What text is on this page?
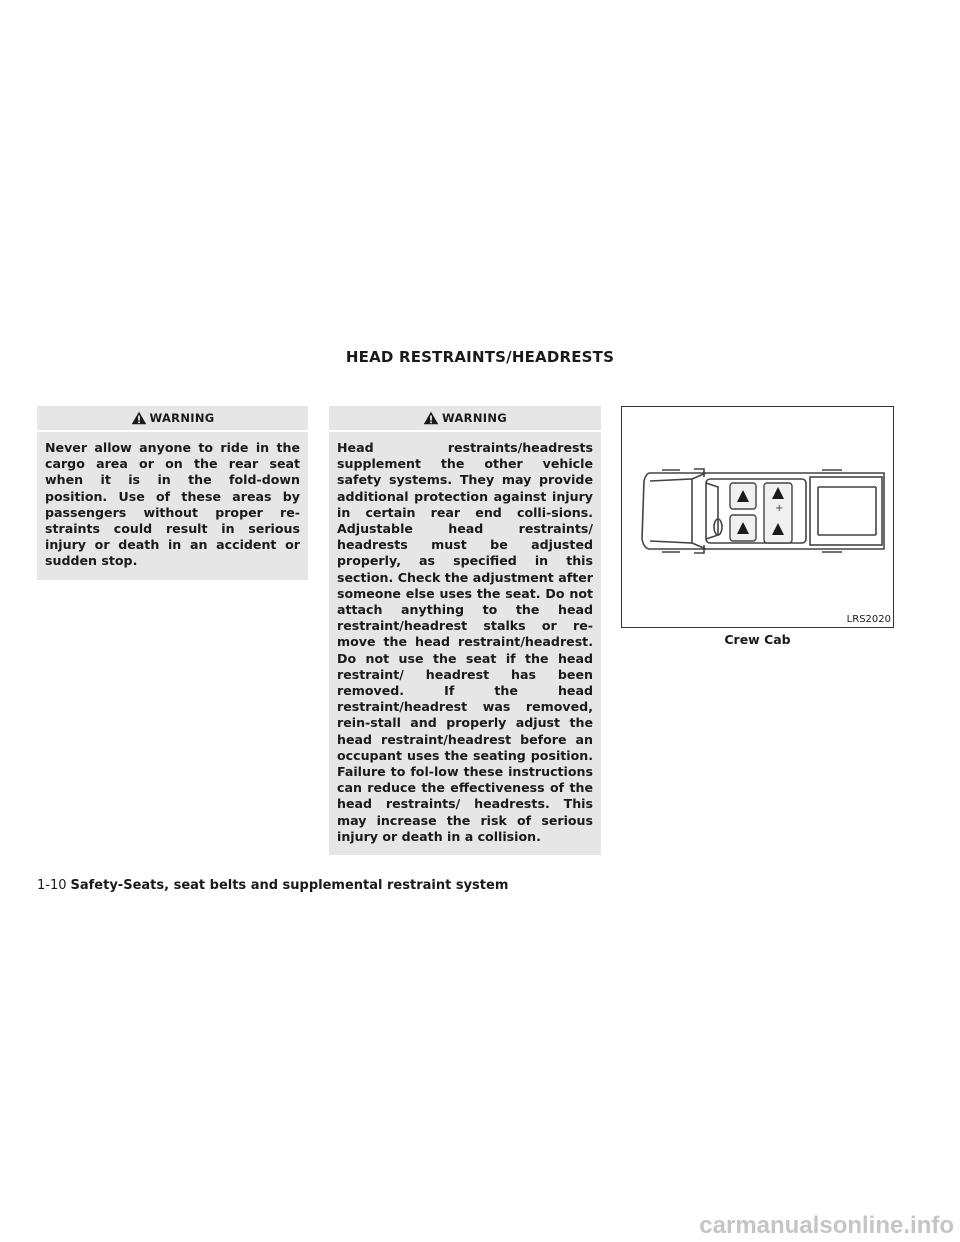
HEAD RESTRAINTS/HEADRESTS
WARNING
Never allow anyone to ride in the cargo area or on the rear seat when it is in the fold-down position. Use of these areas by passengers without proper re-straints could result in serious injury or death in an accident or sudden stop.
WARNING
Head restraints/headrests supplement the other vehicle safety systems. They may provide additional protection against injury in certain rear end colli-sions. Adjustable head restraints/ headrests must be adjusted properly, as specified in this section. Check the adjustment after someone else uses the seat. Do not attach anything to the head restraint/headrest stalks or re-move the head restraint/headrest. Do not use the seat if the head restraint/ headrest has been removed. If the head restraint/headrest was removed, rein-stall and properly adjust the head restraint/headrest before an occupant uses the seating position. Failure to fol-low these instructions can reduce the effectiveness of the head restraints/ headrests. This may increase the risk of serious injury or death in a collision.
+
LRS2020
Crew Cab
1-10 Safety-Seats, seat belts and supplemental restraint system
carmanualsonline.info
